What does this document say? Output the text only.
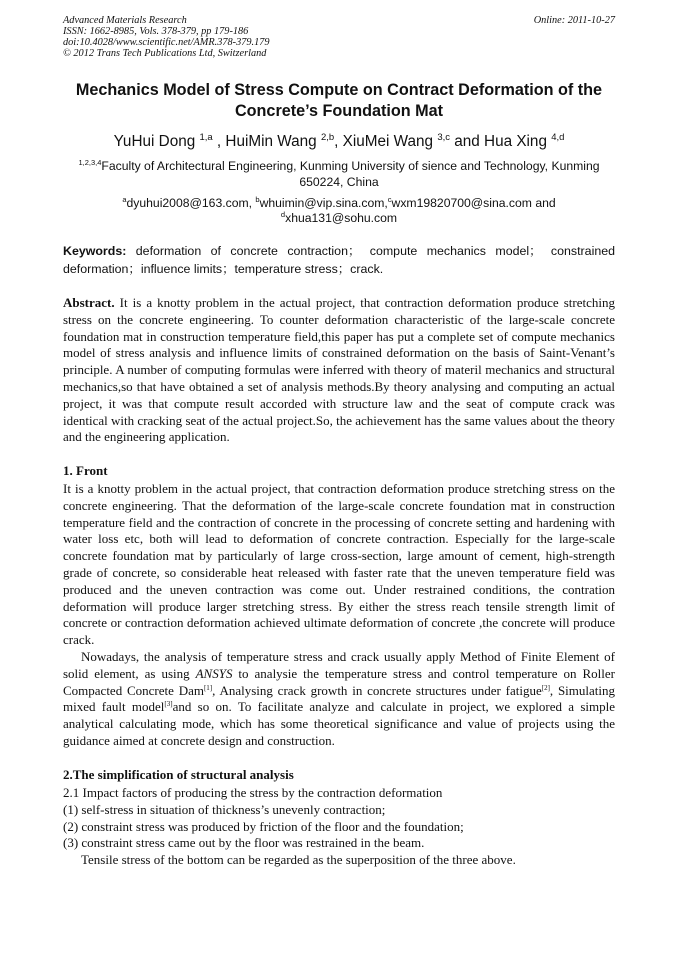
Advanced Materials Research
ISSN: 1662-8985, Vols. 378-379, pp 179-186
doi:10.4028/www.scientific.net/AMR.378-379.179
© 2012 Trans Tech Publications Ltd, Switzerland
Online: 2011-10-27
Mechanics Model of Stress Compute on Contract Deformation of the
Concrete’s Foundation Mat
YuHui Dong $^{1,a}$ , HuiMin Wang $^{2,b}$, XiuMei Wang $^{3,c}$ and Hua Xing $^{4,d}$
$^{1,2,3,4}$Faculty of Architectural Engineering, Kunming University of sience and Technology, Kunming 650224, China
$^a$dyuhui2008@163.com, $^b$whuimin@vip.sina.com,$^c$wxm19820700@sina.com and
$^d$xhua131@sohu.com
Keywords: deformation of concrete contraction； compute mechanics model； constrained deformation；influence limits；temperature stress；crack.
Abstract. It is a knotty problem in the actual project, that contraction deformation produce stretching stress on the concrete engineering. To counter deformation characteristic of the large-scale concrete foundation mat in construction temperature field,this paper has put a complete set of compute mechanics model of stress analysis and influence limits of constrained deformation on the basis of Saint-Venant’s principle. A number of computing formulas were inferred with theory of materil mechanics and structural mechanics,so that have obtained a set of analysis methods.By theory analysing and computing an actual project, it was that compute result accorded with structure law and the seat of compute crack was identical with cracking seat of the actual project.So, the achievement has the same values about the theory and the engineering application.
1. Front
It is a knotty problem in the actual project, that contraction deformation produce stretching stress on the concrete engineering. That the deformation of the large-scale concrete foundation mat in construction temperature field and the contraction of concrete in the processing of concrete setting and hardening with water loss etc, both will lead to deformation of concrete contraction. Especially for the large-scale concrete foundation mat by particularly of large cross-section, large amount of cement, high-strength grade of concrete, so considerable heat released with faster rate that the uneven temperature field was produced and the uneven contraction was come out. Under restrained conditions, the contration deformation will produce larger stretching stress. By either the stress reach tensile strength limit of concrete or contraction deformation achieved ultimate deformation of concrete ,the concrete will produce crack.
Nowadays, the analysis of temperature stress and crack usually apply Method of Finite Element of solid element, as using ANSYS to analysie the temperature stress and control temperature on Roller Compacted Concrete Dam[1], Analysing crack growth in concrete structures under fatigue[2], Simulating mixed fault model[3]and so on. To facilitate analyze and calculate in project, we explored a simple analytical calculating mode, which has some theoretical significance and value of projects using the guidance aimed at concrete design and construction.
2.The simplification of structural analysis
2.1 Impact factors of producing the stress by the contraction deformation
(1) self-stress in situation of thickness’s unevenly contraction;
(2) constraint stress was produced by friction of the floor and the foundation;
(3) constraint stress came out by the floor was restrained in the beam.
Tensile stress of the bottom can be regarded as the superposition of the three above.
